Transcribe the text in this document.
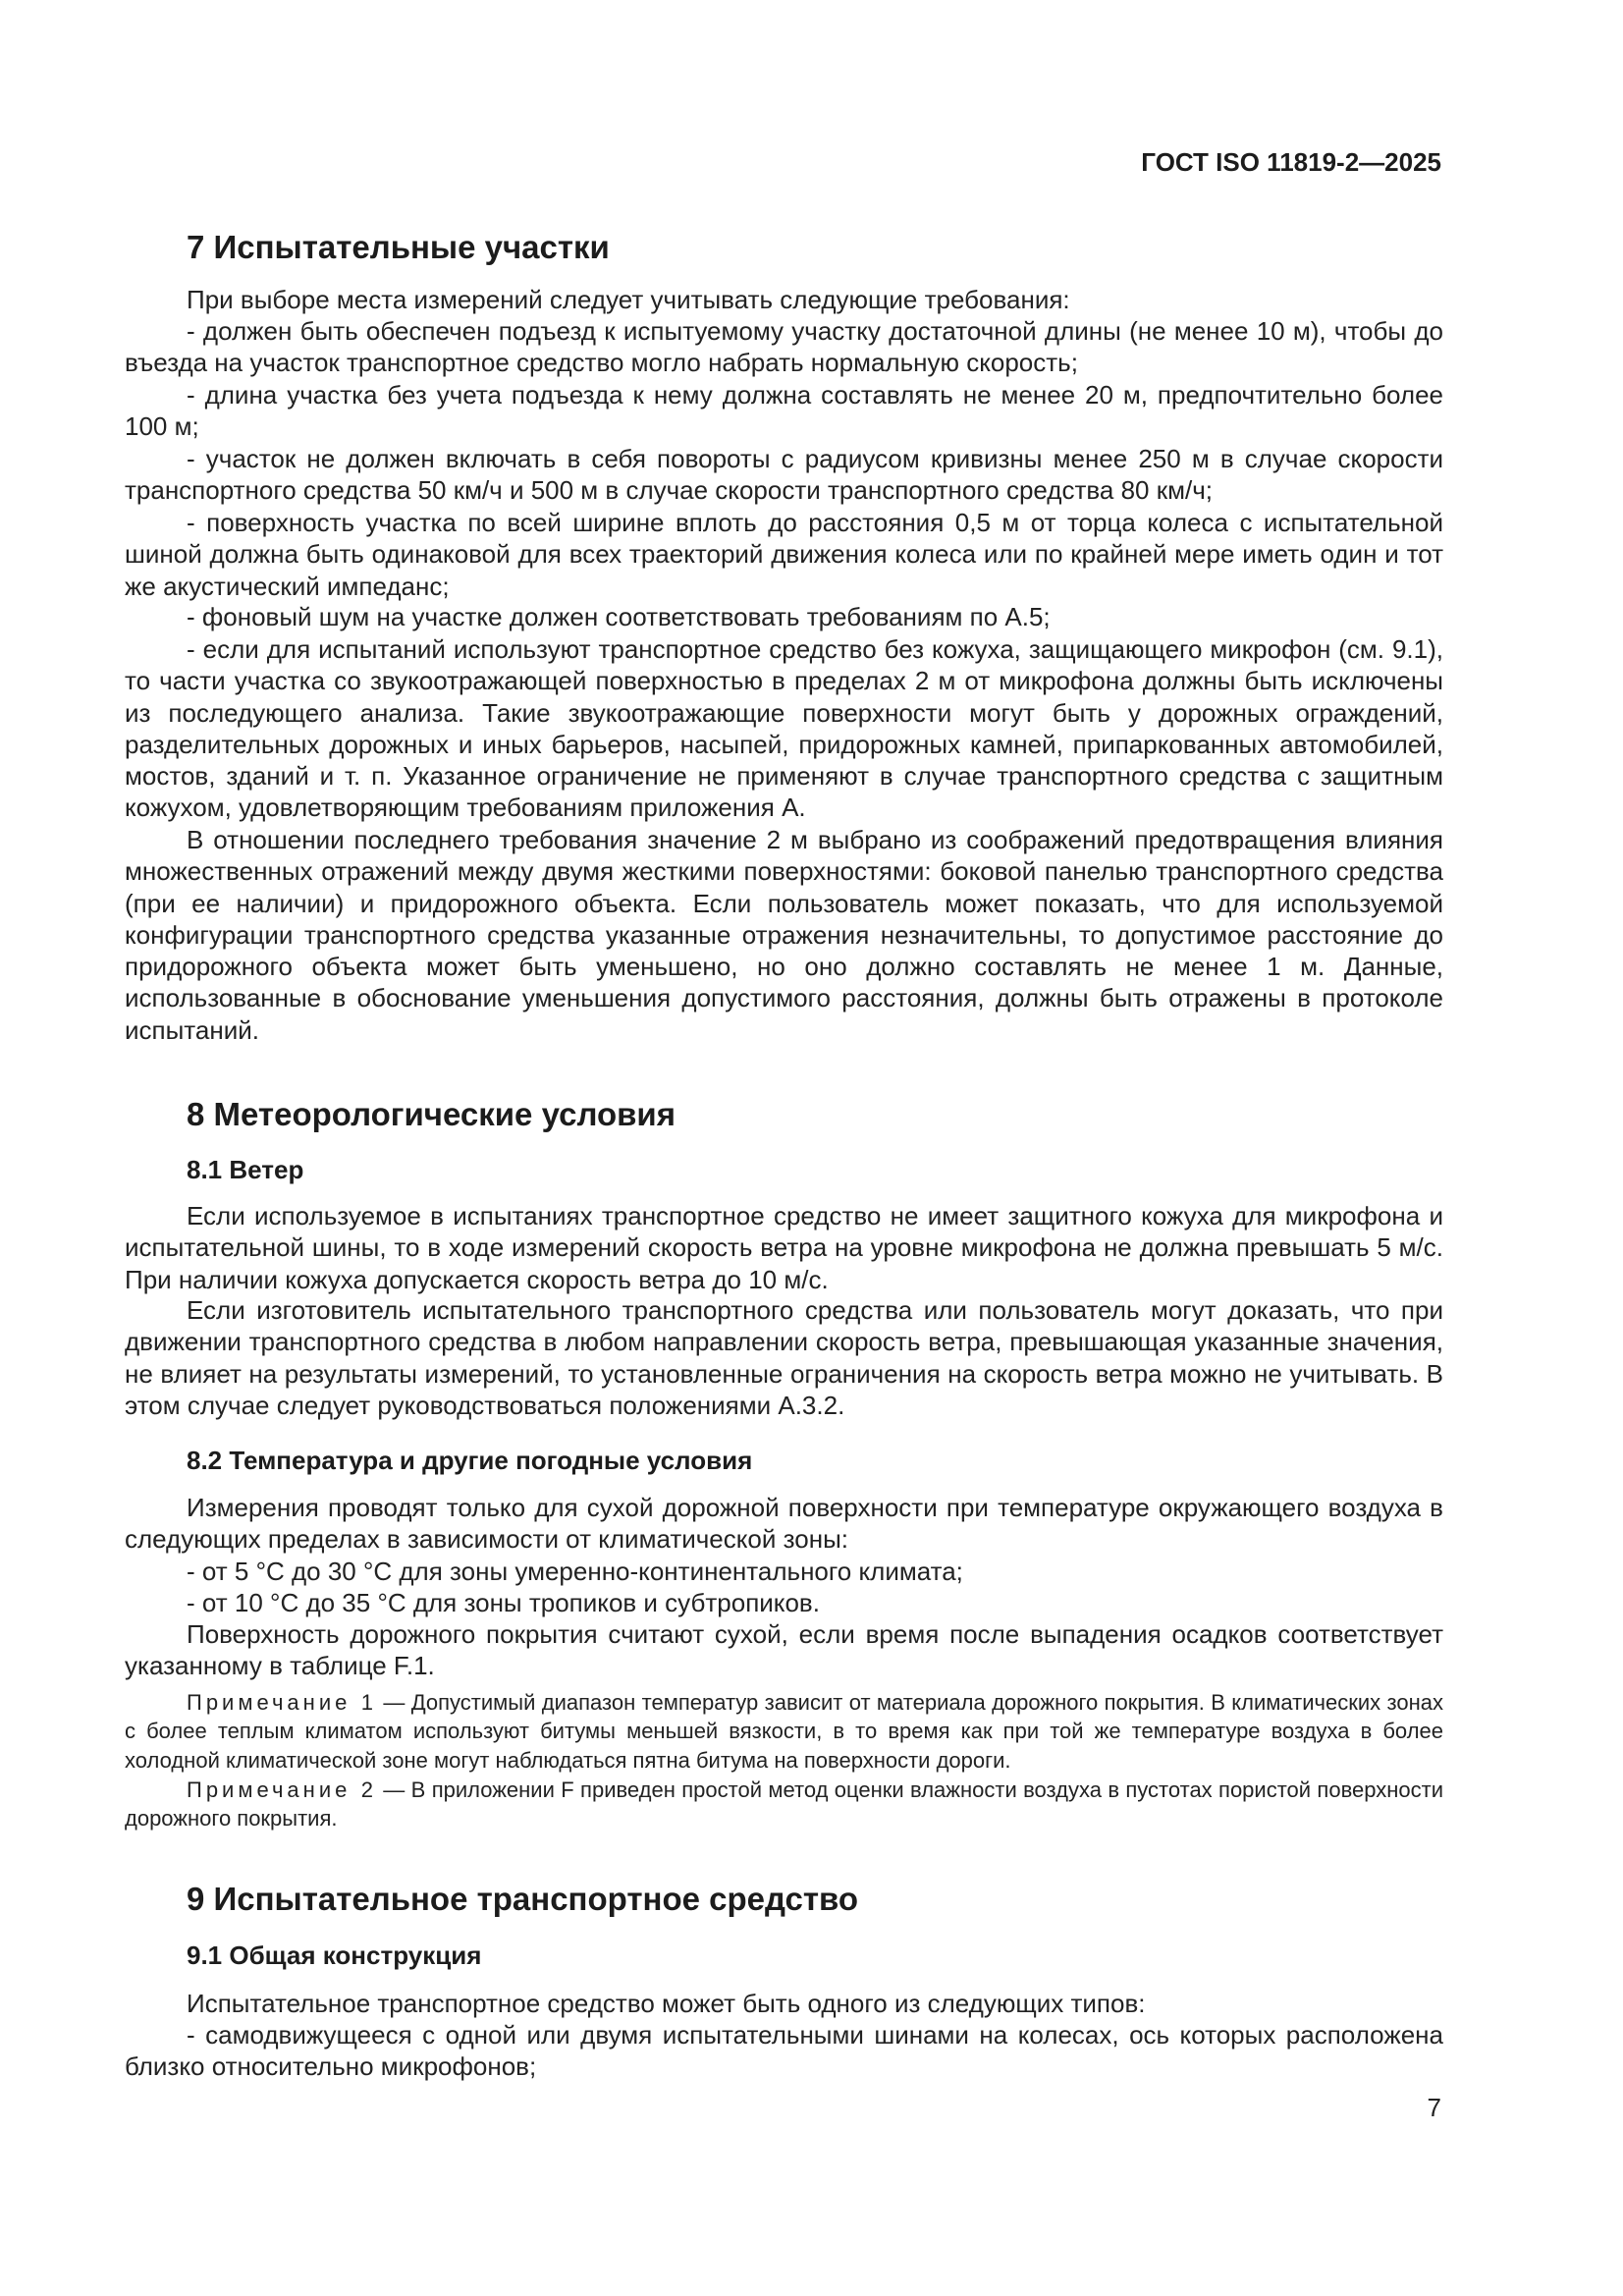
ГОСТ ISO 11819-2—2025
7 Испытательные участки

При выборе места измерений следует учитывать следующие требования:

- должен быть обеспечен подъезд к испытуемому участку достаточной длины (не менее 10 м), чтобы до въезда на участок транспортное средство могло набрать нормальную скорость;

- длина участка без учета подъезда к нему должна составлять не менее 20 м, предпочтительно более 100 м;

- участок не должен включать в себя повороты с радиусом кривизны менее 250 м в случае скорости транспортного средства 50 км/ч и 500 м в случае скорости транспортного средства 80 км/ч;

- поверхность участка по всей ширине вплоть до расстояния 0,5 м от торца колеса с испытательной шиной должна быть одинаковой для всех траекторий движения колеса или по крайней мере иметь один и тот же акустический импеданс;

- фоновый шум на участке должен соответствовать требованиям по А.5;

- если для испытаний используют транспортное средство без кожуха, защищающего микрофон (см. 9.1), то части участка со звукоотражающей поверхностью в пределах 2 м от микрофона должны быть исключены из последующего анализа. Такие звукоотражающие поверхности могут быть у дорожных ограждений, разделительных дорожных и иных барьеров, насыпей, придорожных камней, припаркованных автомобилей, мостов, зданий и т. п. Указанное ограничение не применяют в случае транспортного средства с защитным кожухом, удовлетворяющим требованиям приложения А.

В отношении последнего требования значение 2 м выбрано из соображений предотвращения влияния множественных отражений между двумя жесткими поверхностями: боковой панелью транспортного средства (при ее наличии) и придорожного объекта. Если пользователь может показать, что для используемой конфигурации транспортного средства указанные отражения незначительны, то допустимое расстояние до придорожного объекта может быть уменьшено, но оно должно составлять не менее 1 м. Данные, использованные в обоснование уменьшения допустимого расстояния, должны быть отражены в протоколе испытаний.

8 Метеорологические условия
8.1 Ветер

Если используемое в испытаниях транспортное средство не имеет защитного кожуха для микрофона и испытательной шины, то в ходе измерений скорость ветра на уровне микрофона не должна превышать 5 м/с. При наличии кожуха допускается скорость ветра до 10 м/с.

Если изготовитель испытательного транспортного средства или пользователь могут доказать, что при движении транспортного средства в любом направлении скорость ветра, превышающая указанные значения, не влияет на результаты измерений, то установленные ограничения на скорость ветра можно не учитывать. В этом случае следует руководствоваться положениями А.3.2.

8.2 Температура и другие погодные условия

Измерения проводят только для сухой дорожной поверхности при температуре окружающего воздуха в следующих пределах в зависимости от климатической зоны:

- от 5 °С до 30 °С для зоны умеренно-континентального климата;

- от 10 °С до 35 °С для зоны тропиков и субтропиков.

Поверхность дорожного покрытия считают сухой, если время после выпадения осадков соответствует указанному в таблице F.1.

Примечание 1 — Допустимый диапазон температур зависит от материала дорожного покрытия. В климатических зонах с более теплым климатом используют битумы меньшей вязкости, в то время как при той же температуре воздуха в более холодной климатической зоне могут наблюдаться пятна битума на поверхности дороги.

Примечание 2 — В приложении F приведен простой метод оценки влажности воздуха в пустотах пористой поверхности дорожного покрытия.

9 Испытательное транспортное средство
9.1 Общая конструкция

Испытательное транспортное средство может быть одного из следующих типов:

- самодвижущееся с одной или двумя испытательными шинами на колесах, ось которых расположена близко относительно микрофонов;

7
